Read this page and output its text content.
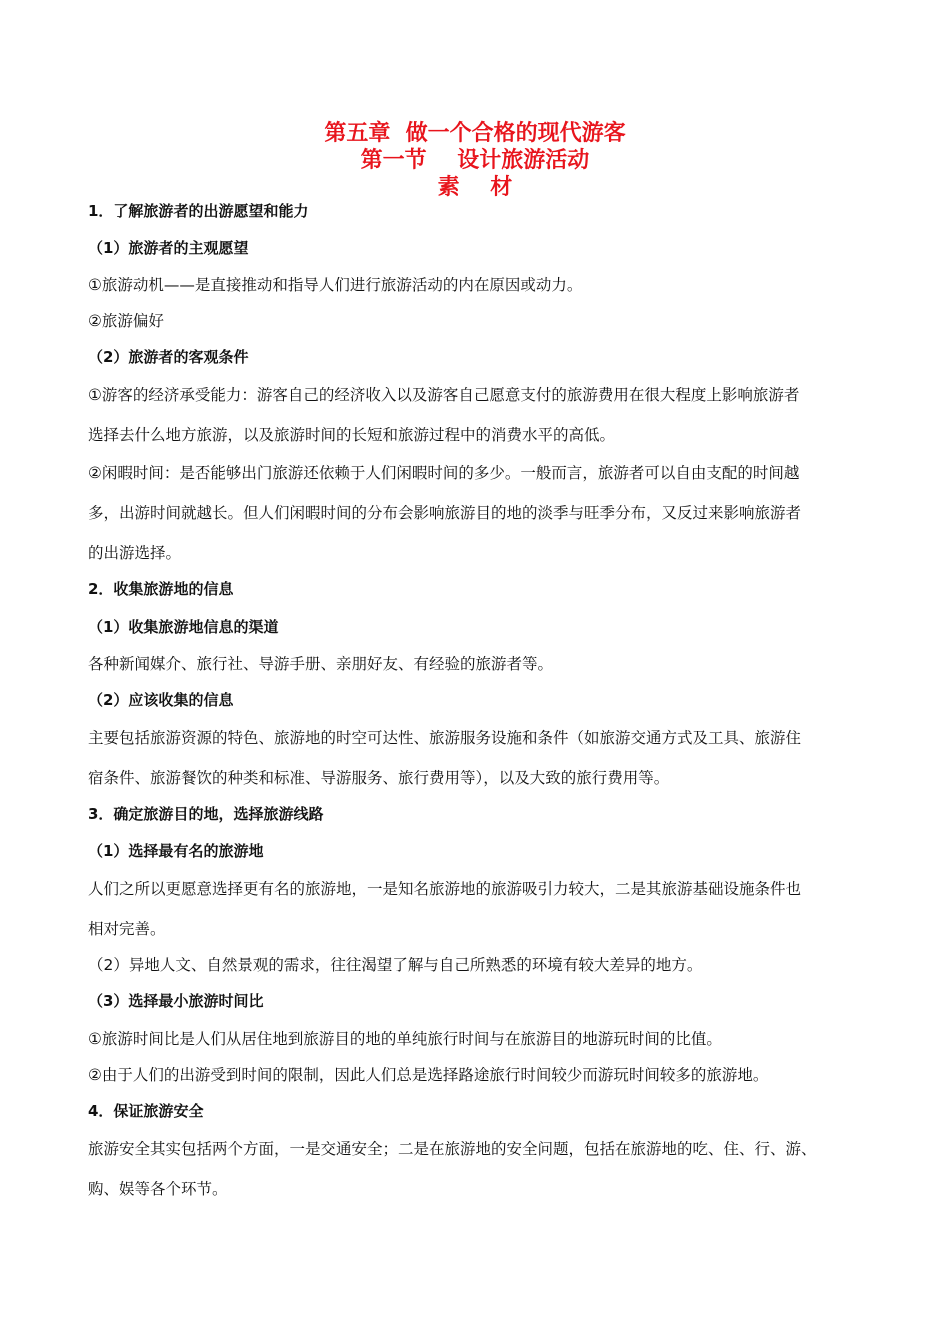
第五章  做一个合格的现代游客
第一节    设计旅游活动
素    材
1．了解旅游者的出游愿望和能力
（1）旅游者的主观愿望
①旅游动机——是直接推动和指导人们进行旅游活动的内在原因或动力。
②旅游偏好
（2）旅游者的客观条件
①游客的经济承受能力：游客自己的经济收入以及游客自己愿意支付的旅游费用在很大程度上影响旅游者
选择去什么地方旅游，以及旅游时间的长短和旅游过程中的消费水平的高低。
②闲暇时间：是否能够出门旅游还依赖于人们闲暇时间的多少。一般而言，旅游者可以自由支配的时间越
多，出游时间就越长。但人们闲暇时间的分布会影响旅游目的地的淡季与旺季分布，又反过来影响旅游者
的出游选择。
2．收集旅游地的信息
（1）收集旅游地信息的渠道
各种新闻媒介、旅行社、导游手册、亲朋好友、有经验的旅游者等。
（2）应该收集的信息
主要包括旅游资源的特色、旅游地的时空可达性、旅游服务设施和条件（如旅游交通方式及工具、旅游住
宿条件、旅游餐饮的种类和标准、导游服务、旅行费用等），以及大致的旅行费用等。
3．确定旅游目的地，选择旅游线路
（1）选择最有名的旅游地
人们之所以更愿意选择更有名的旅游地，一是知名旅游地的旅游吸引力较大，二是其旅游基础设施条件也
相对完善。
（2）异地人文、自然景观的需求，往往渴望了解与自己所熟悉的环境有较大差异的地方。
（3）选择最小旅游时间比
①旅游时间比是人们从居住地到旅游目的地的单纯旅行时间与在旅游目的地游玩时间的比值。
②由于人们的出游受到时间的限制，因此人们总是选择路途旅行时间较少而游玩时间较多的旅游地。
4．保证旅游安全
旅游安全其实包括两个方面，一是交通安全；二是在旅游地的安全问题，包括在旅游地的吃、住、行、游、
购、娱等各个环节。
